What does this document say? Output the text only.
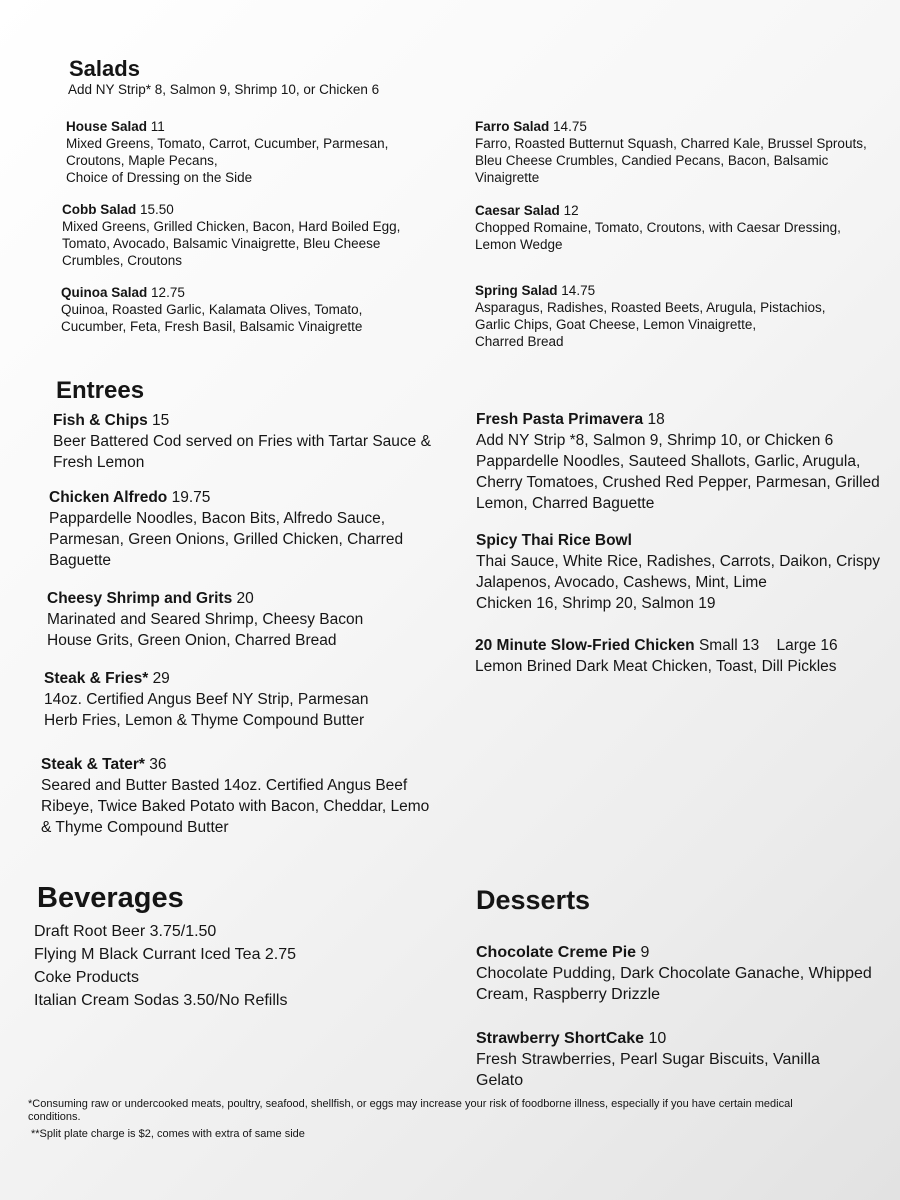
Salads
Add NY Strip* 8, Salmon 9, Shrimp 10, or Chicken 6
House Salad 11
Mixed Greens, Tomato, Carrot, Cucumber, Parmesan,
Croutons, Maple Pecans,
Choice of Dressing on the Side
Cobb Salad 15.50
Mixed Greens, Grilled Chicken, Bacon, Hard Boiled Egg,
Tomato, Avocado, Balsamic Vinaigrette, Bleu Cheese
Crumbles, Croutons
Quinoa Salad 12.75
Quinoa, Roasted Garlic, Kalamata Olives, Tomato,
Cucumber, Feta, Fresh Basil, Balsamic Vinaigrette
Farro Salad 14.75
Farro, Roasted Butternut Squash, Charred Kale, Brussel Sprouts,
Bleu Cheese Crumbles, Candied Pecans, Bacon, Balsamic
Vinaigrette
Caesar Salad 12
Chopped Romaine, Tomato, Croutons, with Caesar Dressing,
Lemon Wedge
Spring Salad 14.75
Asparagus, Radishes, Roasted Beets, Arugula, Pistachios,
Garlic Chips, Goat Cheese, Lemon Vinaigrette,
Charred Bread
Entrees
Fish & Chips 15
Beer Battered Cod served on Fries with Tartar Sauce &
Fresh Lemon
Chicken Alfredo 19.75
Pappardelle Noodles, Bacon Bits, Alfredo Sauce,
Parmesan, Green Onions, Grilled Chicken, Charred
Baguette
Cheesy Shrimp and Grits 20
Marinated and Seared Shrimp, Cheesy Bacon
House Grits, Green Onion, Charred Bread
Steak & Fries* 29
14oz. Certified Angus Beef NY Strip, Parmesan
Herb Fries, Lemon & Thyme Compound Butter
Steak & Tater* 36
Seared and Butter Basted 14oz. Certified Angus Beef
Ribeye, Twice Baked Potato with Bacon, Cheddar, Lemo
& Thyme Compound Butter
Fresh Pasta Primavera 18
Add NY Strip *8, Salmon 9, Shrimp 10, or Chicken 6
Pappardelle Noodles, Sauteed Shallots, Garlic, Arugula,
Cherry Tomatoes, Crushed Red Pepper, Parmesan, Grilled
Lemon, Charred Baguette
Spicy Thai Rice Bowl
Thai Sauce, White Rice, Radishes, Carrots, Daikon, Crispy
Jalapenos, Avocado, Cashews, Mint, Lime
Chicken 16, Shrimp 20, Salmon 19
20 Minute Slow-Fried Chicken Small 13    Large 16
Lemon Brined Dark Meat Chicken, Toast, Dill Pickles
Beverages
Draft Root Beer 3.75/1.50
Flying M Black Currant Iced Tea 2.75
Coke Products
Italian Cream Sodas 3.50/No Refills
Desserts
Chocolate Creme Pie 9
Chocolate Pudding, Dark Chocolate Ganache, Whipped
Cream, Raspberry Drizzle
Strawberry ShortCake 10
Fresh Strawberries, Pearl Sugar Biscuits, Vanilla
Gelato
*Consuming raw or undercooked meats, poultry, seafood, shellfish, or eggs may increase your risk of foodborne illness, especially if you have certain medical
conditions.
**Split plate charge is $2, comes with extra of same side
